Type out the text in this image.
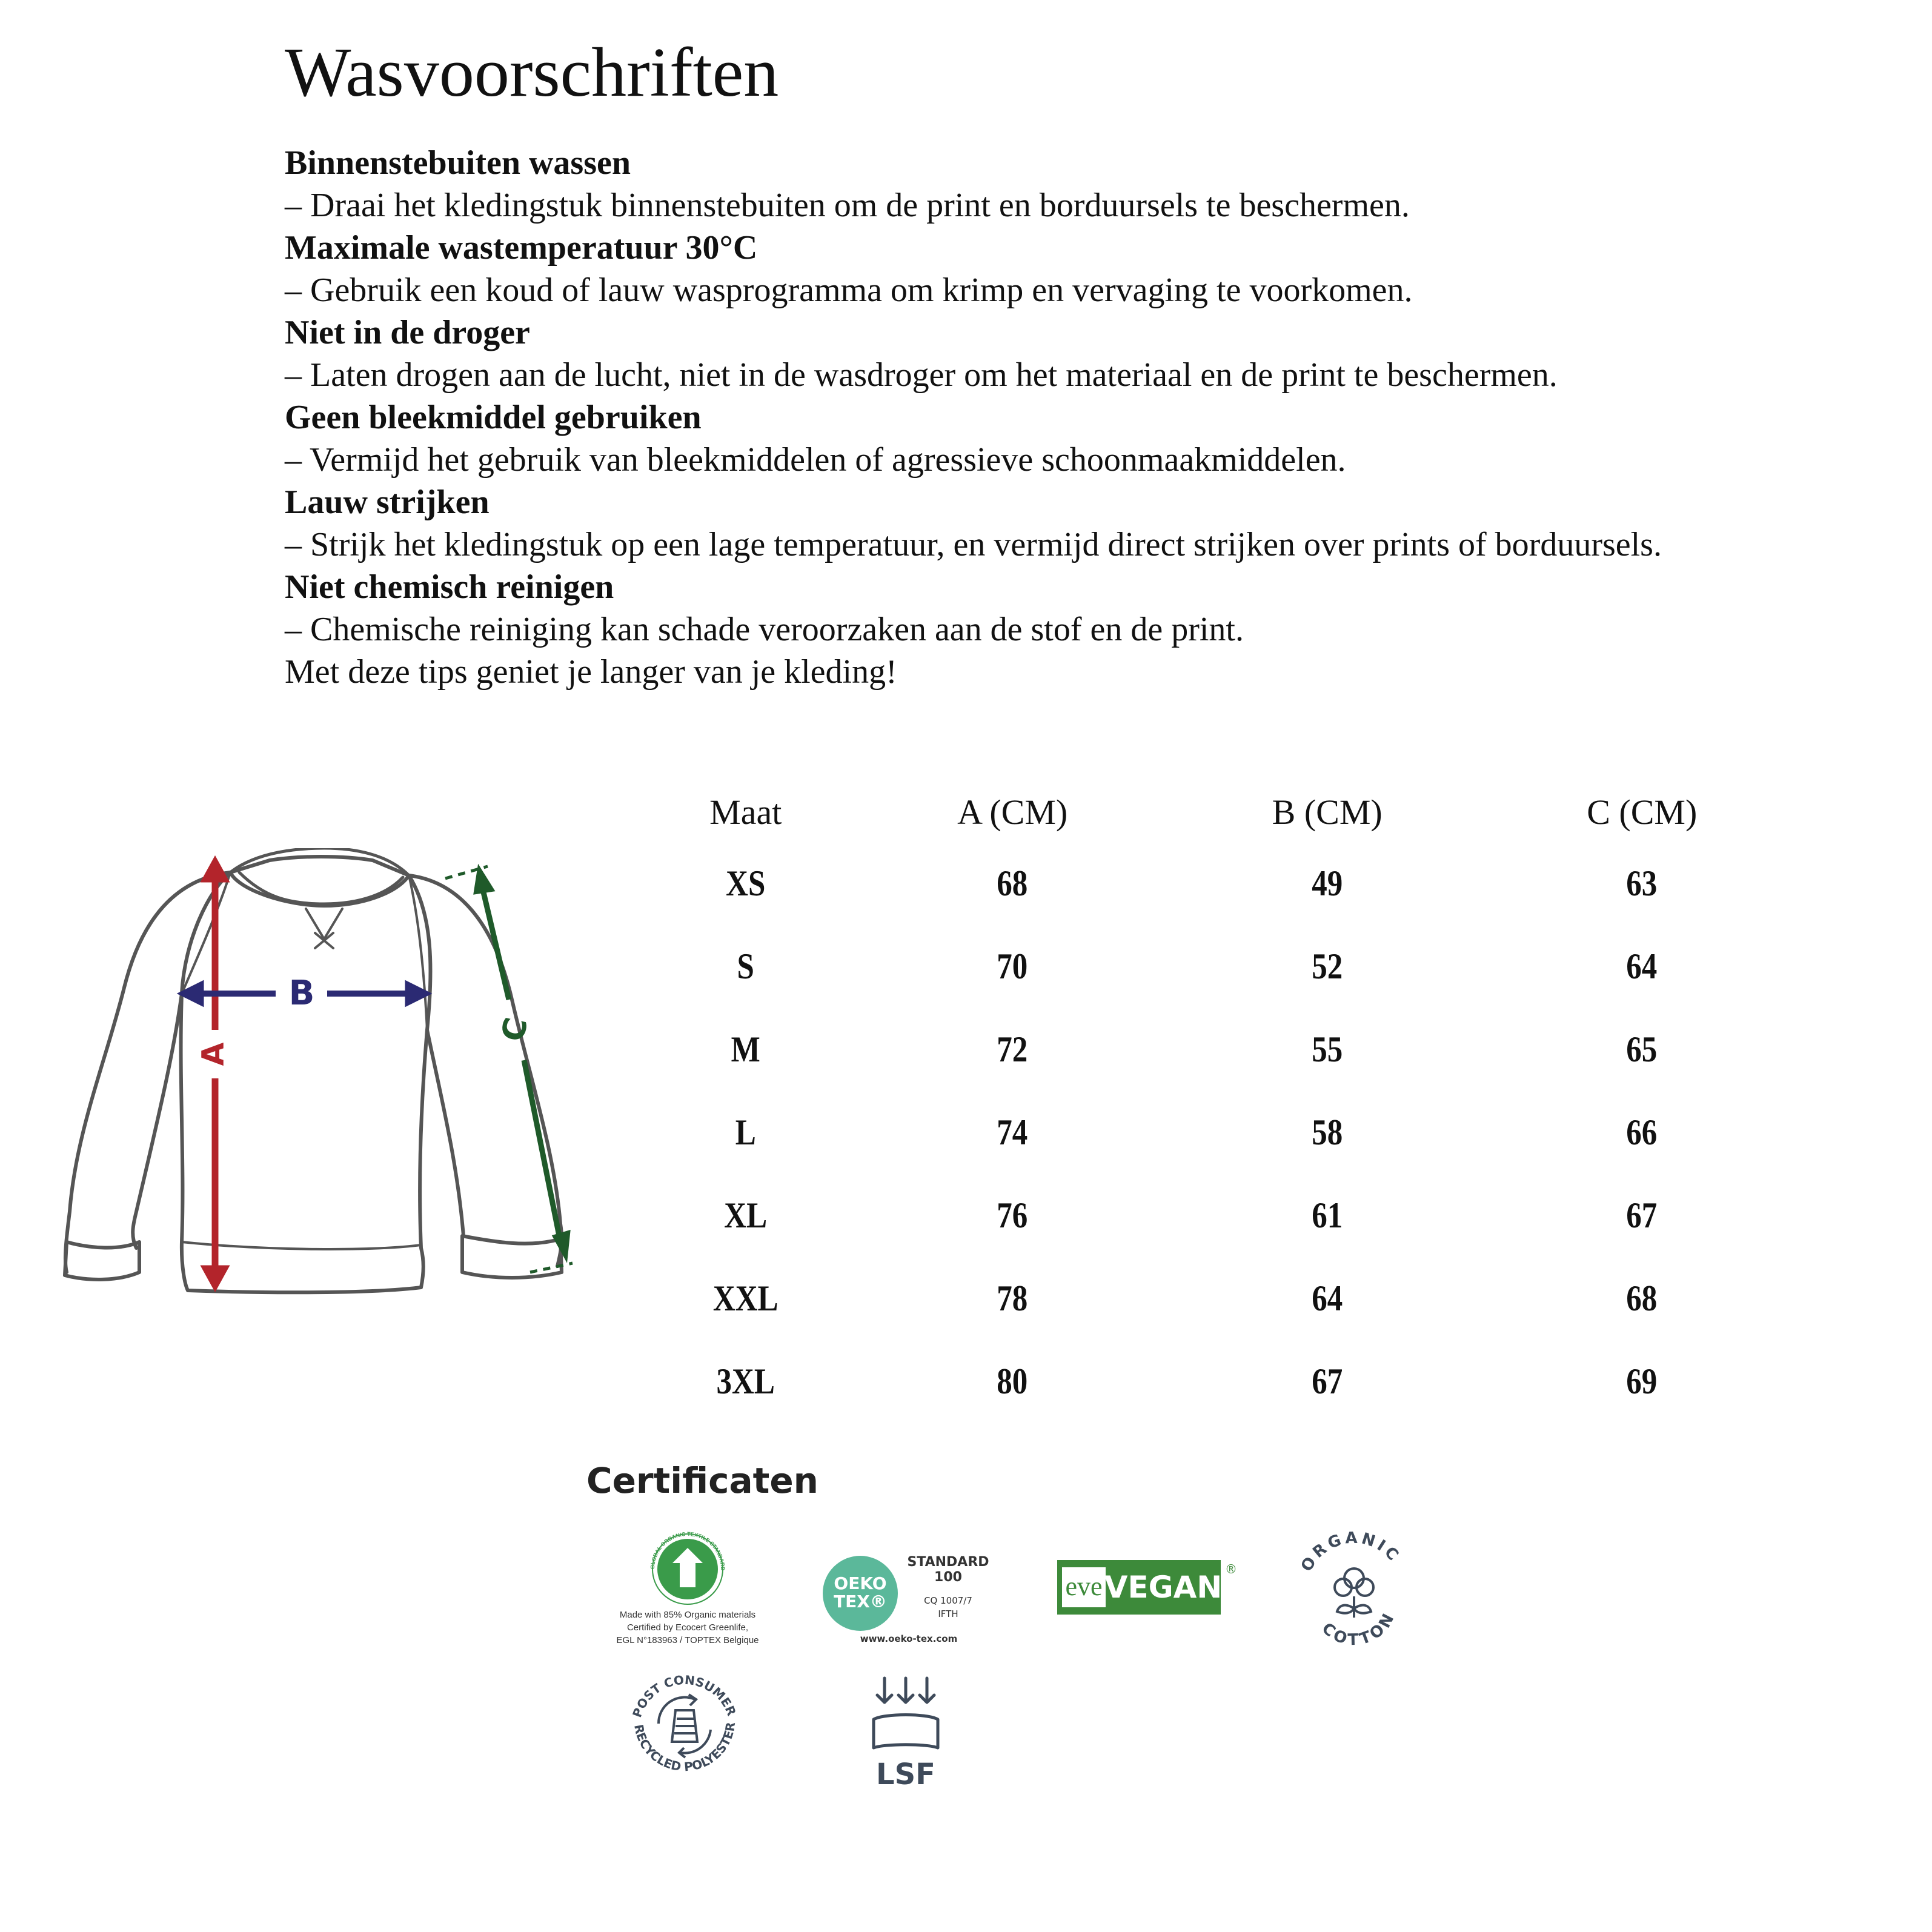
Wasvoorschriften

Binnenstebuiten wassen
– Draai het kledingstuk binnenstebuiten om de print en borduursels te beschermen.

Maximale wastemperatuur 30°C
– Gebruik een koud of lauw wasprogramma om krimp en vervaging te voorkomen.

Niet in de droger
– Laten drogen aan de lucht, niet in de wasdroger om het materiaal en de print te beschermen.

Geen bleekmiddel gebruiken
– Vermijd het gebruik van bleekmiddelen of agressieve schoonmaakmiddelen.

Lauw strijken
– Strijk het kledingstuk op een lage temperatuur, en vermijd direct strijken over prints of borduursels.

Niet chemisch reinigen
– Chemische reiniging kan schade veroorzaken aan de stof en de print.

Met deze tips geniet je langer van je kleding!

A
B
C
Maat	A (CM)	B (CM)	C (CM)
XS	68	49	63
S	70	52	64
M	72	55	65
L	74	58	66
XL	76	61	67
XXL	78	64	68
3XL	80	67	69
Certificaten
GLOBAL ORGANIC TEXTILE STANDARD
Made with 85% Organic materials
Certified by Ecocert Greenlife,
EGL N°183963 / TOPTEX Belgique
OEKO
TEX®
STANDARD
100
CQ 1007/7
IFTH
www.oeko-tex.com
eve VEGAN
®	ORGANIC
COTTON
POST CONSUMER
RECYCLED POLYESTER
LSF
